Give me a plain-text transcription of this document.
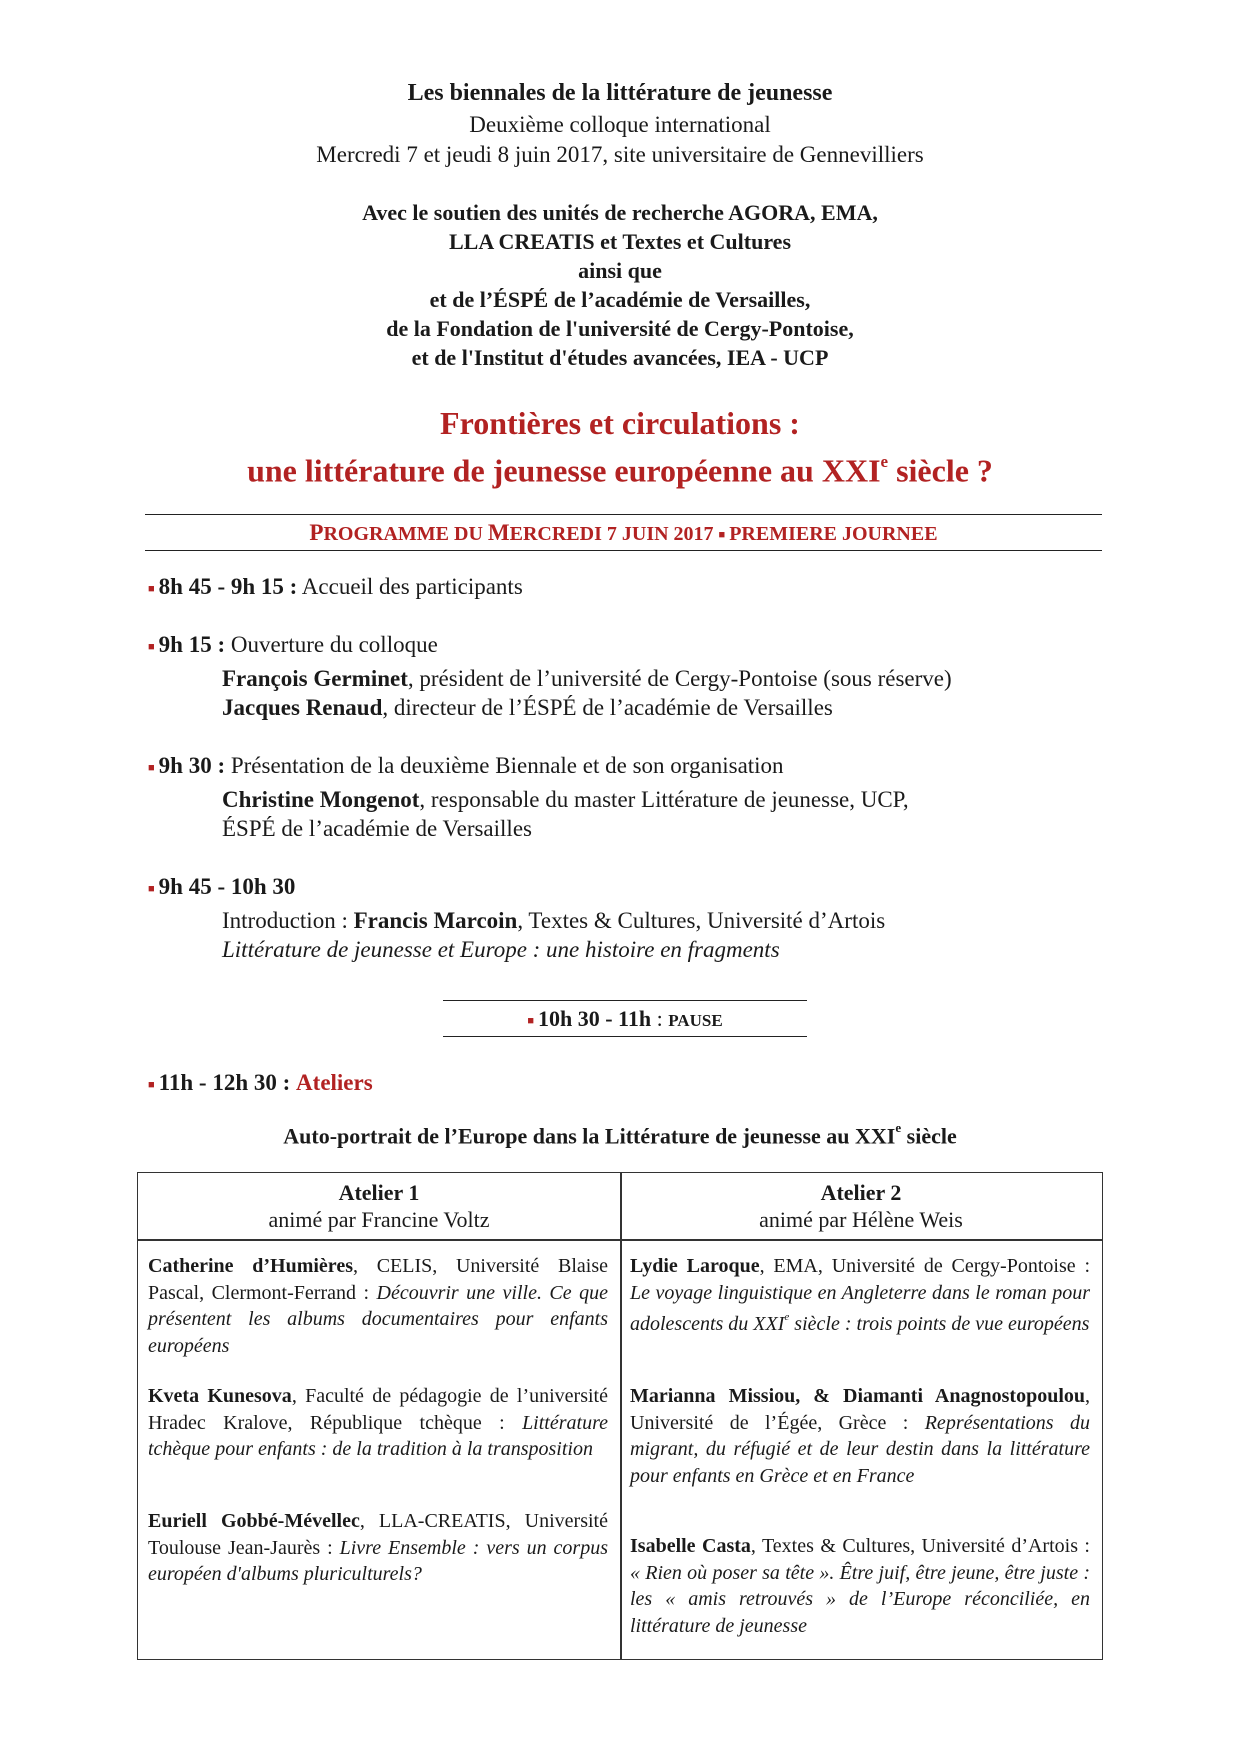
Les biennales de la littérature de jeunesse
Deuxième colloque international
Mercredi 7 et jeudi 8 juin 2017, site universitaire de Gennevilliers
Avec le soutien des unités de recherche AGORA, EMA,
LLA CREATIS et Textes et Cultures
ainsi que
et de l’ÉSPÉ de l’académie de Versailles,
de la Fondation de l'université de Cergy-Pontoise,
et de l'Institut d'études avancées, IEA - UCP
Frontières et circulations :
une littérature de jeunesse européenne au XXIe siècle ?
PROGRAMME DU MERCREDI 7 JUIN 2017 ■ PREMIERE JOURNEE
■ 8h 45 - 9h 15 : Accueil des participants
■ 9h 15 : Ouverture du colloque
François Germinet, président de l’université de Cergy-Pontoise (sous réserve)
Jacques Renaud, directeur de l’ÉSPÉ de l’académie de Versailles
■ 9h 30 : Présentation de la deuxième Biennale et de son organisation
Christine Mongenot, responsable du master Littérature de jeunesse, UCP,
ÉSPÉ de l’académie de Versailles
■ 9h 45 - 10h 30
Introduction : Francis Marcoin, Textes & Cultures, Université d’Artois
Littérature de jeunesse et Europe : une histoire en fragments
■ 10h 30 - 11h : PAUSE
■ 11h - 12h 30 : Ateliers
Auto-portrait de l’Europe dans la Littérature de jeunesse au XXIe siècle
Atelier 1
animé par Francine Voltz
Atelier 2
animé par Hélène Weis
Catherine d’Humières, CELIS, Université Blaise Pascal, Clermont-Ferrand : Découvrir une ville. Ce que présentent les albums documentaires pour enfants européens
Kveta Kunesova, Faculté de pédagogie de l’université Hradec Kralove, République tchèque : Littérature tchèque pour enfants : de la tradition à la transposition
Euriell Gobbé-Mévellec, LLA-CREATIS, Université Toulouse Jean-Jaurès : Livre Ensemble : vers un corpus européen d'albums pluriculturels?
Lydie Laroque, EMA, Université de Cergy-Pontoise : Le voyage linguistique en Angleterre dans le roman pour adolescents du XXIe siècle : trois points de vue européens
Marianna Missiou, & Diamanti Anagnostopoulou, Université de l’Égée, Grèce : Représentations du migrant, du réfugié et de leur destin dans la littérature pour enfants en Grèce et en France
Isabelle Casta, Textes & Cultures, Université d’Artois : « Rien où poser sa tête ». Être juif, être jeune, être juste : les « amis retrouvés » de l’Europe réconciliée, en littérature de jeunesse
